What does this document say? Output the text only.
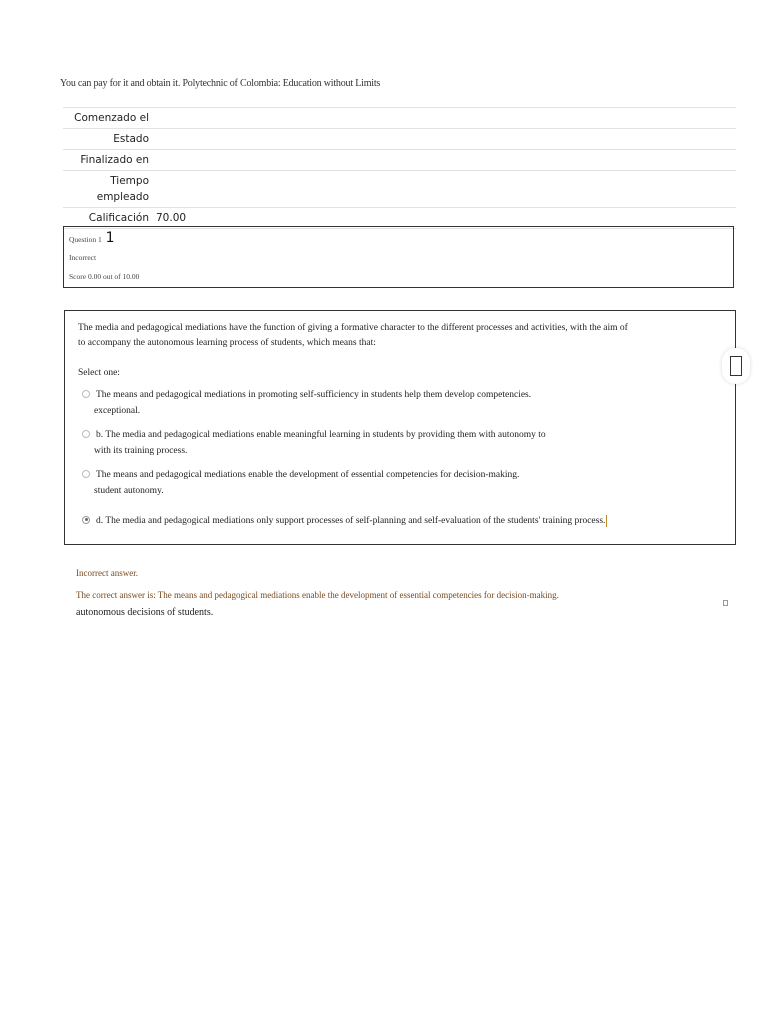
You can pay for it and obtain it. Polytechnic of Colombia: Education without Limits
Comenzado el
Estado
Finalizado en
Tiempo empleado
Calificación 70.00
Question 1 1
Incorrect
Score 0.00 out of 10.00
The media and pedagogical mediations have the function of giving a formative character to the different processes and activities, with the aim of
to accompany the autonomous learning process of students, which means that:
Select one:
The means and pedagogical mediations in promoting self-sufficiency in students help them develop competencies.
exceptional.
b. The media and pedagogical mediations enable meaningful learning in students by providing them with autonomy to
with its training process.
The means and pedagogical mediations enable the development of essential competencies for decision-making.
student autonomy.
d. The media and pedagogical mediations only support processes of self-planning and self-evaluation of the students' training process.
Incorrect answer.
The correct answer is: The means and pedagogical mediations enable the development of essential competencies for decision-making.
autonomous decisions of students.
